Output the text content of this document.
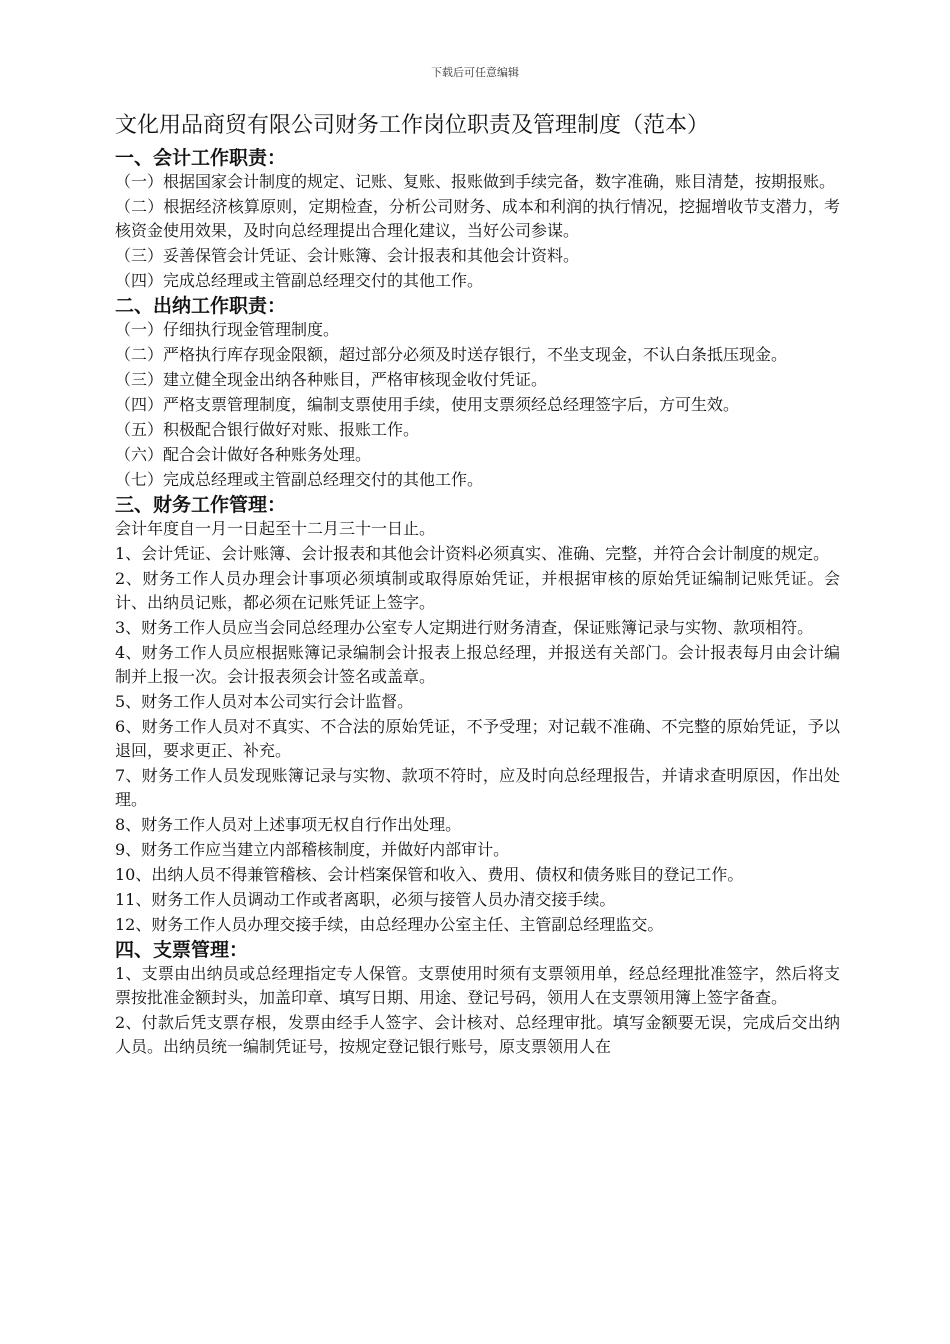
下载后可任意编辑
文化用品商贸有限公司财务工作岗位职责及管理制度（范本）
一、会计工作职责：

（一）根据国家会计制度的规定、记账、复账、报账做到手续完备，数字准确，账目清楚，按期报账。

（二）根据经济核算原则，定期检查，分析公司财务、成本和利润的执行情况，挖掘增收节支潜力，考核资金使用效果，及时向总经理提出合理化建议，当好公司参谋。

（三）妥善保管会计凭证、会计账簿、会计报表和其他会计资料。

（四）完成总经理或主管副总经理交付的其他工作。

二、出纳工作职责：

（一）仔细执行现金管理制度。

（二）严格执行库存现金限额，超过部分必须及时送存银行，不坐支现金，不认白条抵压现金。

（三）建立健全现金出纳各种账目，严格审核现金收付凭证。

（四）严格支票管理制度，编制支票使用手续，使用支票须经总经理签字后，方可生效。

（五）积极配合银行做好对账、报账工作。

（六）配合会计做好各种账务处理。

（七）完成总经理或主管副总经理交付的其他工作。

三、财务工作管理：

会计年度自一月一日起至十二月三十一日止。

1、会计凭证、会计账簿、会计报表和其他会计资料必须真实、准确、完整，并符合会计制度的规定。

2、财务工作人员办理会计事项必须填制或取得原始凭证，并根据审核的原始凭证编制记账凭证。会计、出纳员记账，都必须在记账凭证上签字。

3、财务工作人员应当会同总经理办公室专人定期进行财务清查，保证账簿记录与实物、款项相符。

4、财务工作人员应根据账簿记录编制会计报表上报总经理，并报送有关部门。会计报表每月由会计编制并上报一次。会计报表须会计签名或盖章。

5、财务工作人员对本公司实行会计监督。

6、财务工作人员对不真实、不合法的原始凭证，不予受理；对记载不准确、不完整的原始凭证，予以退回，要求更正、补充。

7、财务工作人员发现账簿记录与实物、款项不符时，应及时向总经理报告，并请求查明原因，作出处理。

8、财务工作人员对上述事项无权自行作出处理。

9、财务工作应当建立内部稽核制度，并做好内部审计。

10、出纳人员不得兼管稽核、会计档案保管和收入、费用、债权和债务账目的登记工作。

11、财务工作人员调动工作或者离职，必须与接管人员办清交接手续。

12、财务工作人员办理交接手续，由总经理办公室主任、主管副总经理监交。

四、支票管理：

1、支票由出纳员或总经理指定专人保管。支票使用时须有支票领用单，经总经理批准签字，然后将支票按批准金额封头，加盖印章、填写日期、用途、登记号码，领用人在支票领用簿上签字备查。

2、付款后凭支票存根，发票由经手人签字、会计核对、总经理审批。填写金额要无误，完成后交出纳人员。出纳员统一编制凭证号，按规定登记银行账号，原支票领用人在
